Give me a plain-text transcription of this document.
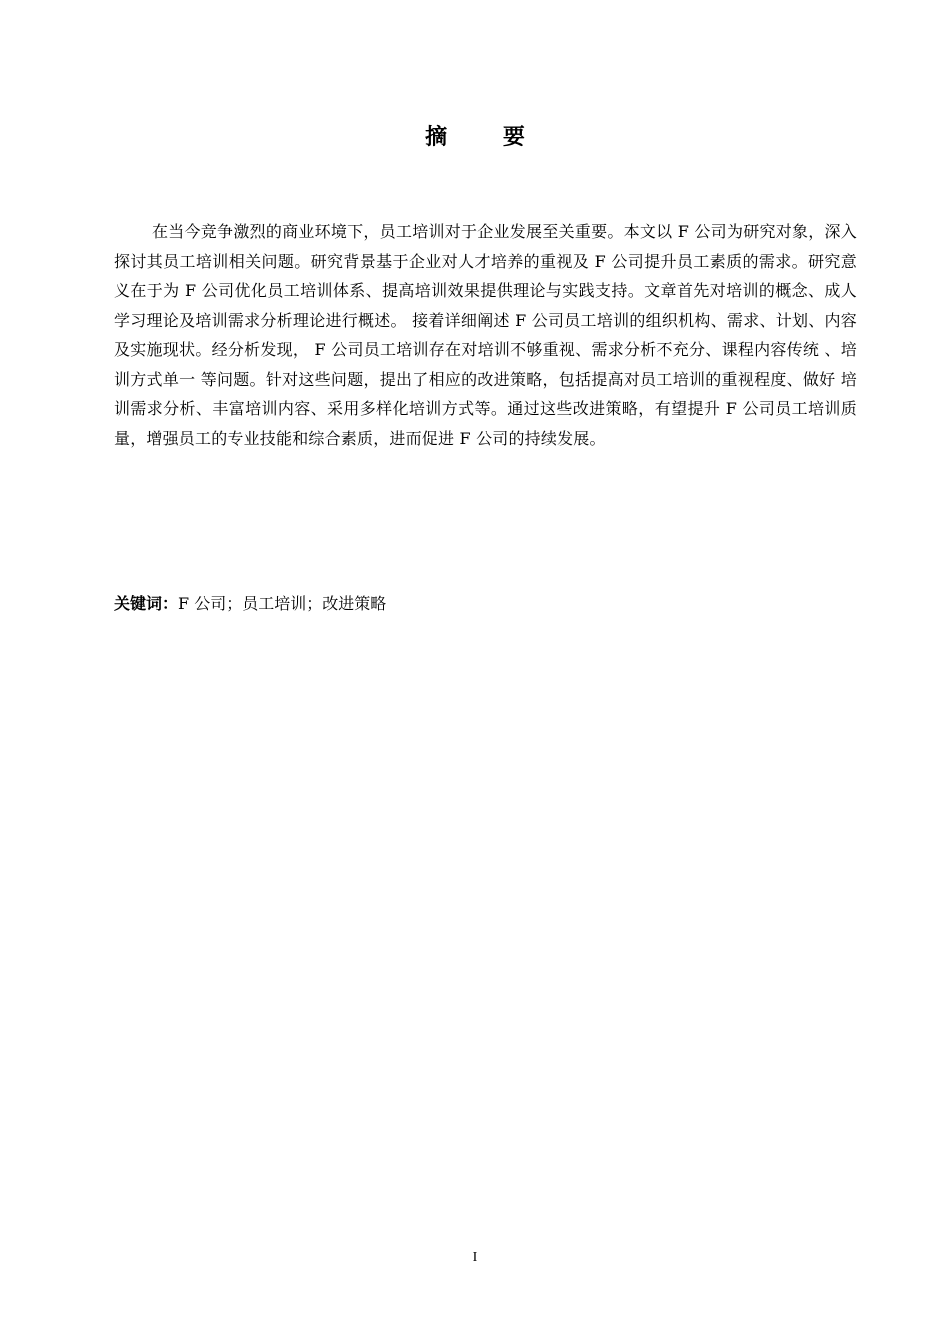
摘 要

在当今竞争激烈的商业环境下，员工培训对于企业发展至关重要。本文以 F 公司为研究对象，深入探讨其员工培训相关问题。研究背景基于企业对人才培养的重视及 F 公司提升员工素质的需求。研究意义在于为 F 公司优化员工培训体系、提高培训效果提供理论与实践支持。文章首先对培训的概念、成人学习理论及培训需求分析理论进行概述。 接着详细阐述 F 公司员工培训的组织机构、需求、计划、内容及实施现状。经分析发现， F 公司员工培训存在对培训不够重视、需求分析不充分、课程内容传统 、培训方式单一 等问题。针对这些问题，提出了相应的改进策略，包括提高对员工培训的重视程度、做好 培训需求分析、丰富培训内容、采用多样化培训方式等。通过这些改进策略，有望提升 F 公司员工培训质量，增强员工的专业技能和综合素质，进而促进 F 公司的持续发展。

关键词：F 公司；员工培训；改进策略
I
